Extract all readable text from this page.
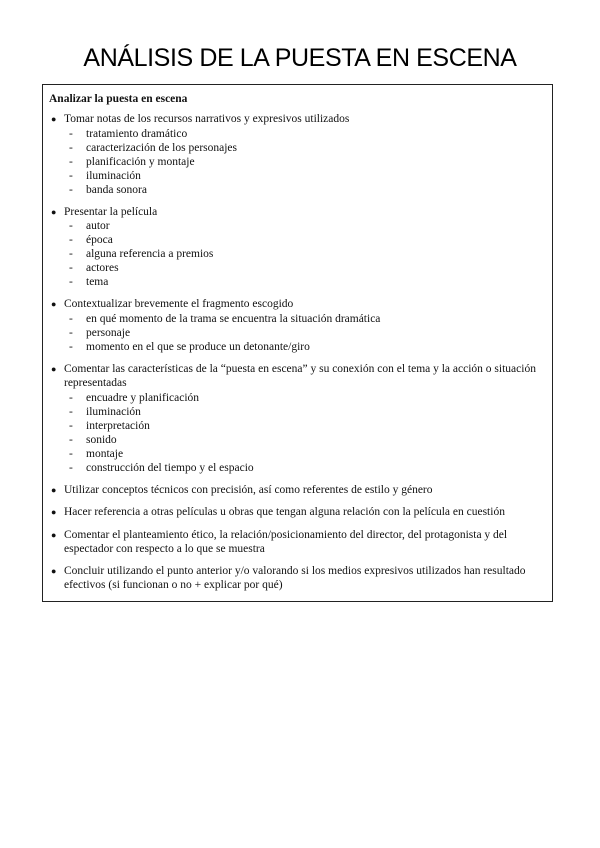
ANÁLISIS DE LA PUESTA EN ESCENA
Analizar la puesta en escena
● Tomar notas de los recursos narrativos y expresivos utilizados
-	tratamiento dramático
-	caracterización de los personajes
-	planificación y montaje
-	iluminación
-	banda sonora
● Presentar la película
-	autor
-	época
-	alguna referencia a premios
-	actores
-	tema
● Contextualizar brevemente el fragmento escogido
-	en qué momento de la trama se encuentra la situación dramática
-	personaje
-	momento en el que se produce un detonante/giro
● Comentar las características de la “puesta en escena” y su conexión con el tema y la acción o situación representadas
-	encuadre y planificación
-	iluminación
-	interpretación
-	sonido
-	montaje
-	construcción del tiempo y el espacio
● Utilizar conceptos técnicos con precisión, así como referentes de estilo y género
● Hacer referencia a otras películas u obras que tengan alguna relación con la película en cuestión
● Comentar el planteamiento ético, la relación/posicionamiento del director, del protagonista y del espectador con respecto a lo que se muestra
● Concluir utilizando el punto anterior y/o valorando si los medios expresivos utilizados han resultado efectivos (si funcionan o no + explicar por qué)
